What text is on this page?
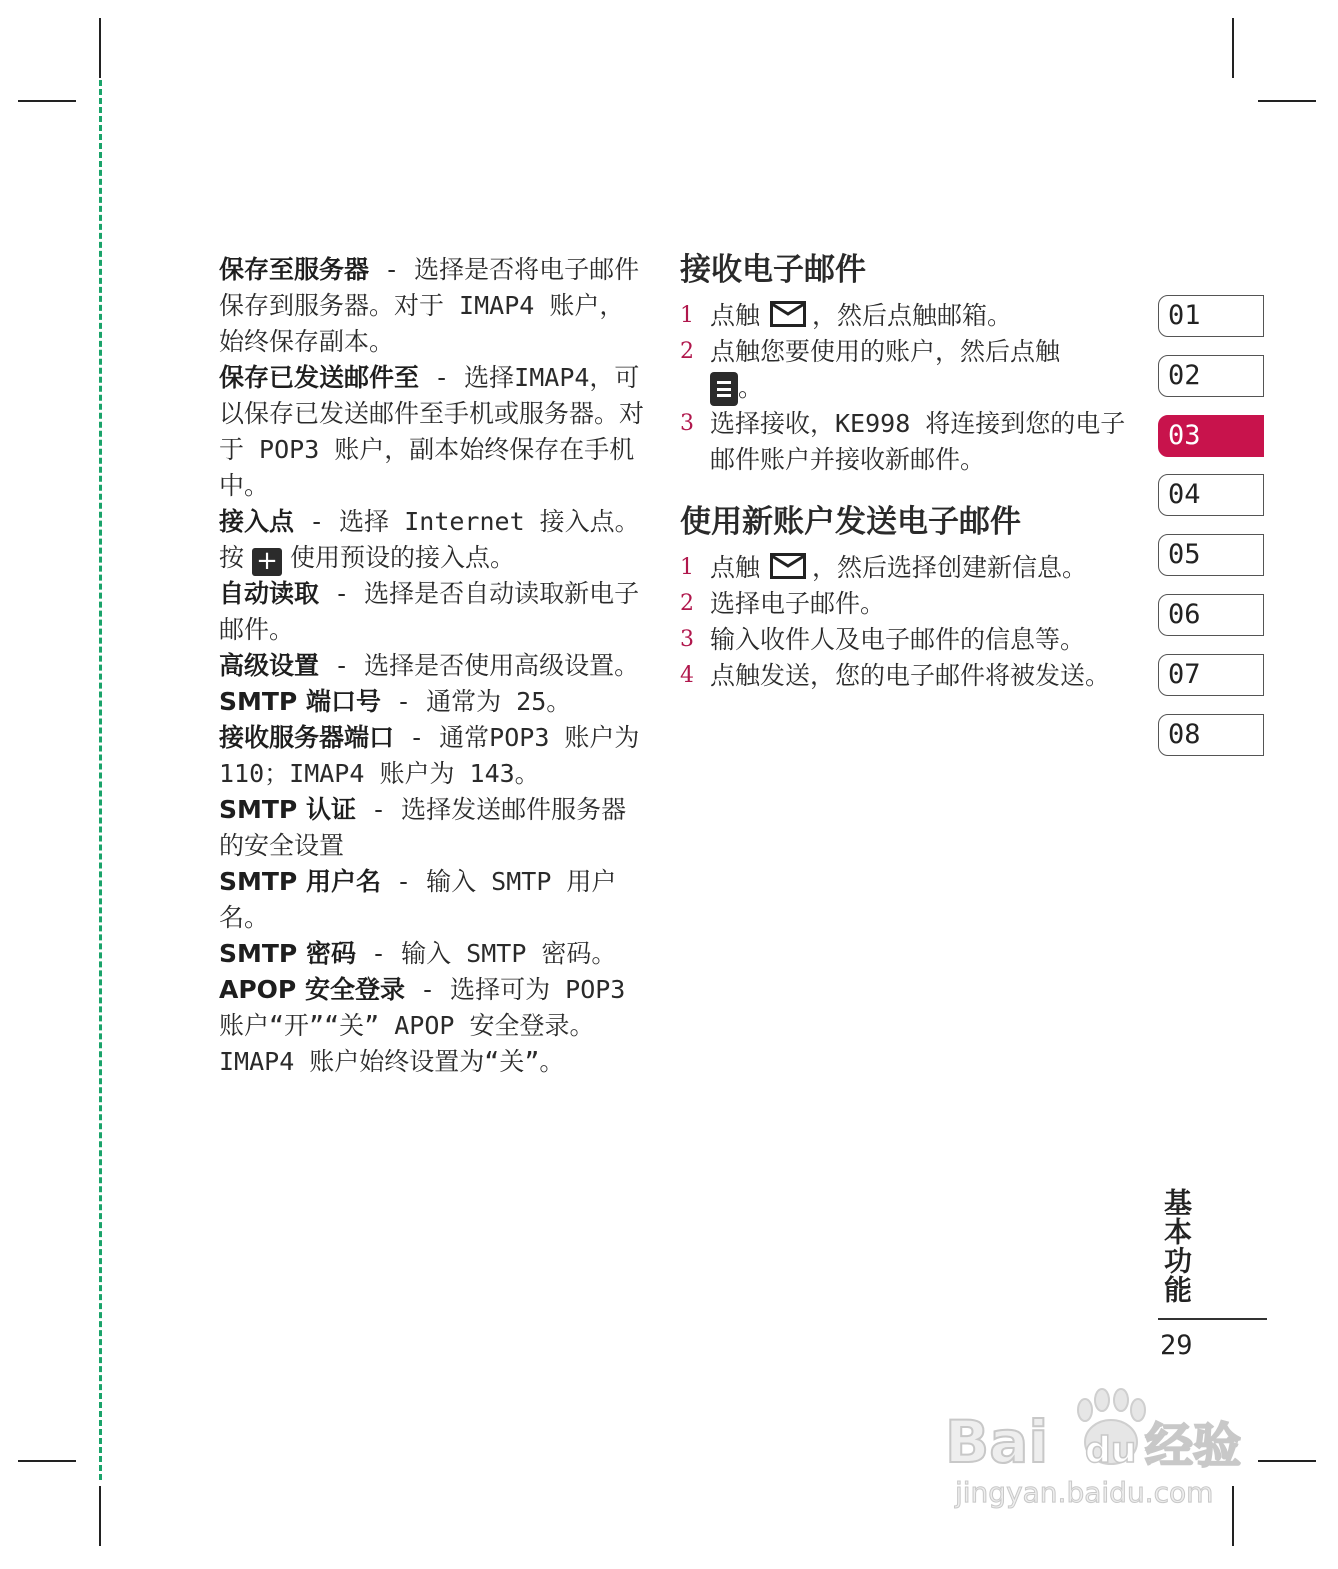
保存至服务器 - 选择是否将电子邮件保存到服务器。对于 IMAP4 账户，始终保存副本。

保存已发送邮件至 - 选择IMAP4，可以保存已发送邮件至手机或服务器。对于 POP3 账户，副本始终保存在手机中。

接入点 - 选择 Internet 接入点。按 + 使用预设的接入点。

自动读取 - 选择是否自动读取新电子邮件。

高级设置 - 选择是否使用高级设置。

SMTP 端口号 - 通常为 25。

接收服务器端口 - 通常POP3 账户为 110；IMAP4 账户为 143。

SMTP 认证 - 选择发送邮件服务器的安全设置

SMTP 用户名 - 输入 SMTP 用户名。

SMTP 密码 - 输入 SMTP 密码。

APOP 安全登录 - 选择可为 POP3 账户“开”“关” APOP 安全登录。IMAP4 账户始终设置为“关”。

接收电子邮件
1 点触 ，然后点触邮箱。
2 点触您要使用的账户，然后点触

。
3 选择接收，KE998 将连接到您的电子邮件账户并接收新邮件。
使用新账户发送电子邮件
1 点触 ，然后选择创建新信息。
2 选择电子邮件。
3 输入收件人及电子邮件的信息等。
4 点触发送，您的电子邮件将被发送。
01
02
03
04
05
06
07
08
基本功能
29
Bai du 经验
jingyan.baidu.com
